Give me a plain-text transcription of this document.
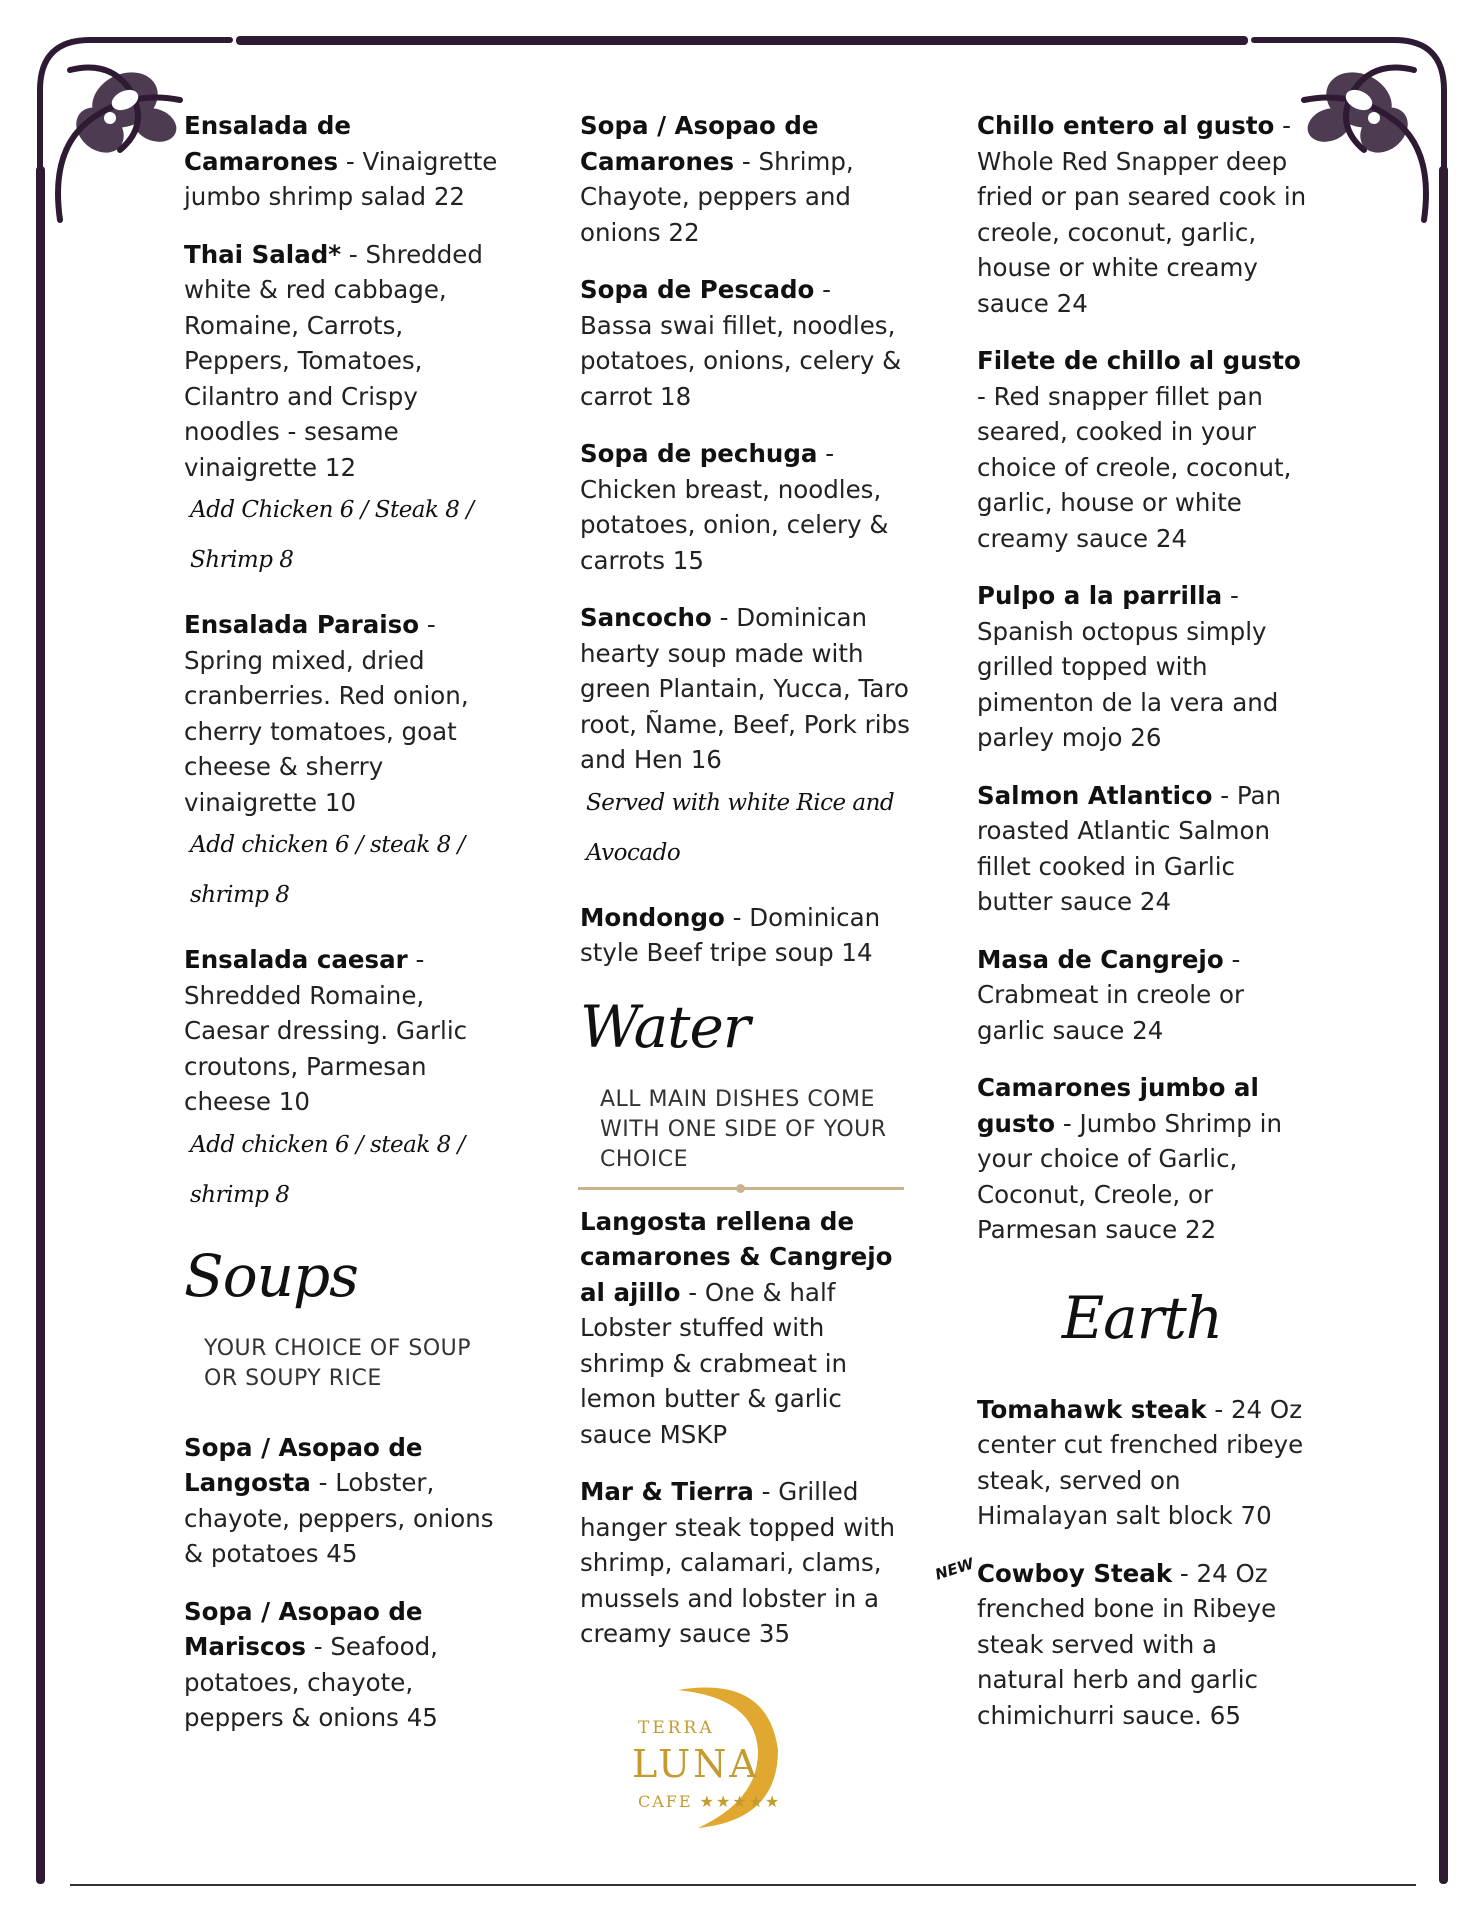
Ensalada de Camarones - Vinaigrette jumbo shrimp salad 22
Thai Salad* - Shredded white & red cabbage, Romaine, Carrots, Peppers, Tomatoes, Cilantro and Crispy noodles - sesame vinaigrette 12
Add Chicken 6 / Steak 8 / Shrimp 8
Ensalada Paraiso - Spring mixed, dried cranberries. Red onion, cherry tomatoes, goat cheese & sherry vinaigrette 10
Add chicken 6 / steak 8 / shrimp 8
Ensalada caesar - Shredded Romaine, Caesar dressing. Garlic croutons, Parmesan cheese 10
Add chicken 6 / steak 8 / shrimp 8
Soups
YOUR CHOICE OF SOUP OR SOUPY RICE
Sopa / Asopao de Langosta - Lobster, chayote, peppers, onions & potatoes 45
Sopa / Asopao de Mariscos - Seafood, potatoes, chayote, peppers & onions 45
Sopa / Asopao de Camarones - Shrimp, Chayote, peppers and onions 22
Sopa de Pescado - Bassa swai fillet, noodles, potatoes, onions, celery & carrot 18
Sopa de pechuga - Chicken breast, noodles, potatoes, onion, celery & carrots 15
Sancocho - Dominican hearty soup made with green Plantain, Yucca, Taro root, Ñame, Beef, Pork ribs and Hen 16
Served with white Rice and Avocado
Mondongo - Dominican style Beef tripe soup 14
Water
ALL MAIN DISHES COME WITH ONE SIDE OF YOUR CHOICE
Langosta rellena de camarones & Cangrejo al ajillo - One & half Lobster stuffed with shrimp & crabmeat in lemon butter & garlic sauce MSKP
Mar & Tierra - Grilled hanger steak topped with shrimp, calamari, clams, mussels and lobster in a creamy sauce 35
TERRA
LUNA
CAFE ★★★★★
Chillo entero al gusto - Whole Red Snapper deep fried or pan seared cook in creole, coconut, garlic, house or white creamy sauce 24
Filete de chillo al gusto - Red snapper fillet pan seared, cooked in your choice of creole, coconut, garlic, house or white creamy sauce 24
Pulpo a la parrilla - Spanish octopus simply grilled topped with pimenton de la vera and parley mojo 26
Salmon Atlantico - Pan roasted Atlantic Salmon fillet cooked in Garlic butter sauce 24
Masa de Cangrejo - Crabmeat in creole or garlic sauce 24
Camarones jumbo al gusto - Jumbo Shrimp in your choice of Garlic, Coconut, Creole, or Parmesan sauce 22
Earth
Tomahawk steak - 24 Oz center cut frenched ribeye steak, served on Himalayan salt block 70
NEW Cowboy Steak - 24 Oz frenched bone in Ribeye steak served with a natural herb and garlic chimichurri sauce. 65
